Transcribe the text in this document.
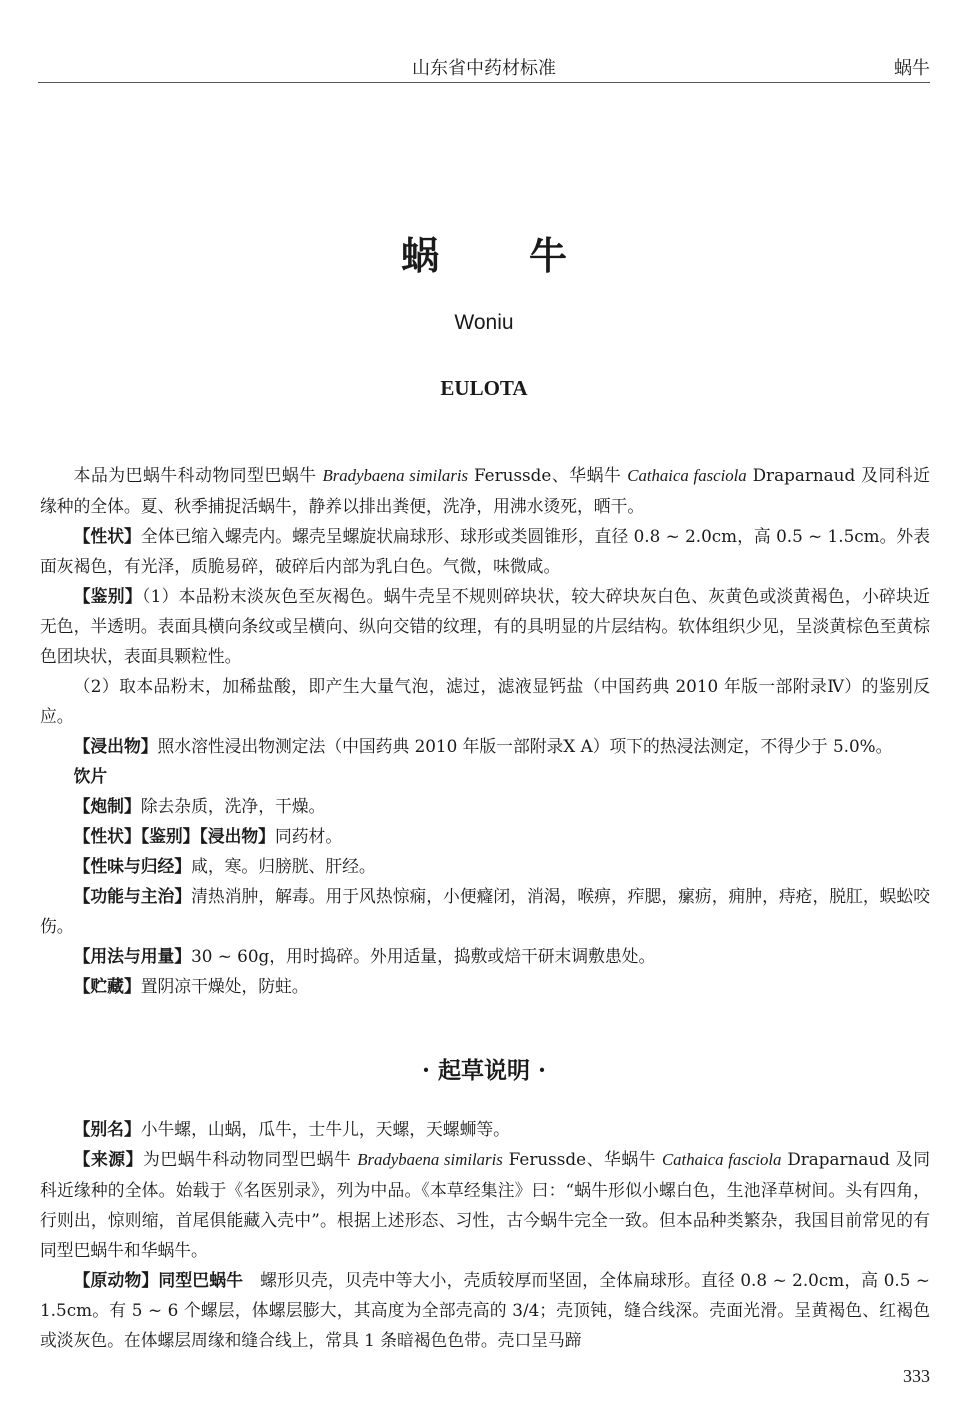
山东省中药材标准	蜗牛
蜗牛
Woniu
EULOTA

本品为巴蜗牛科动物同型巴蜗牛 Bradybaena similaris Ferussde、华蜗牛 Cathaica fasciola Draparnaud 及同科近缘种的全体。夏、秋季捕捉活蜗牛，静养以排出粪便，洗净，用沸水烫死，晒干。

【性状】全体已缩入螺壳内。螺壳呈螺旋状扁球形、球形或类圆锥形，直径 0.8 ~ 2.0cm，高 0.5 ~ 1.5cm。外表面灰褐色，有光泽，质脆易碎，破碎后内部为乳白色。气微，味微咸。

【鉴别】（1）本品粉末淡灰色至灰褐色。蜗牛壳呈不规则碎块状，较大碎块灰白色、灰黄色或淡黄褐色，小碎块近无色，半透明。表面具横向条纹或呈横向、纵向交错的纹理，有的具明显的片层结构。软体组织少见，呈淡黄棕色至黄棕色团块状，表面具颗粒性。

（2）取本品粉末，加稀盐酸，即产生大量气泡，滤过，滤液显钙盐（中国药典 2010 年版一部附录Ⅳ）的鉴别反应。

【浸出物】照水溶性浸出物测定法（中国药典 2010 年版一部附录Ⅹ A）项下的热浸法测定，不得少于 5.0%。

饮片

【炮制】除去杂质，洗净，干燥。

【性状】【鉴别】【浸出物】同药材。

【性味与归经】咸，寒。归膀胱、肝经。

【功能与主治】清热消肿，解毒。用于风热惊痫，小便癃闭，消渴，喉痹，痄腮，瘰疬，痈肿，痔疮，脱肛，蜈蚣咬伤。

【用法与用量】30 ~ 60g，用时捣碎。外用适量，捣敷或焙干研末调敷患处。

【贮藏】置阴凉干燥处，防蛀。

· 起草说明 ·

【别名】小牛螺，山蜗，瓜牛，士牛儿，天螺，天螺蛳等。

【来源】为巴蜗牛科动物同型巴蜗牛 Bradybaena similaris Ferussde、华蜗牛 Cathaica fasciola Draparnaud 及同科近缘种的全体。始载于《名医别录》，列为中品。《本草经集注》曰：“蜗牛形似小螺白色，生池泽草树间。头有四角，行则出，惊则缩，首尾俱能藏入壳中”。根据上述形态、习性，古今蜗牛完全一致。但本品种类繁杂，我国目前常见的有同型巴蜗牛和华蜗牛。

【原动物】同型巴蜗牛　螺形贝壳，贝壳中等大小，壳质较厚而坚固，全体扁球形。直径 0.8 ~ 2.0cm，高 0.5 ~ 1.5cm。有 5 ~ 6 个螺层，体螺层膨大，其高度为全部壳高的 3/4；壳顶钝，缝合线深。壳面光滑。呈黄褐色、红褐色或淡灰色。在体螺层周缘和缝合线上，常具 1 条暗褐色色带。壳口呈马蹄

333
